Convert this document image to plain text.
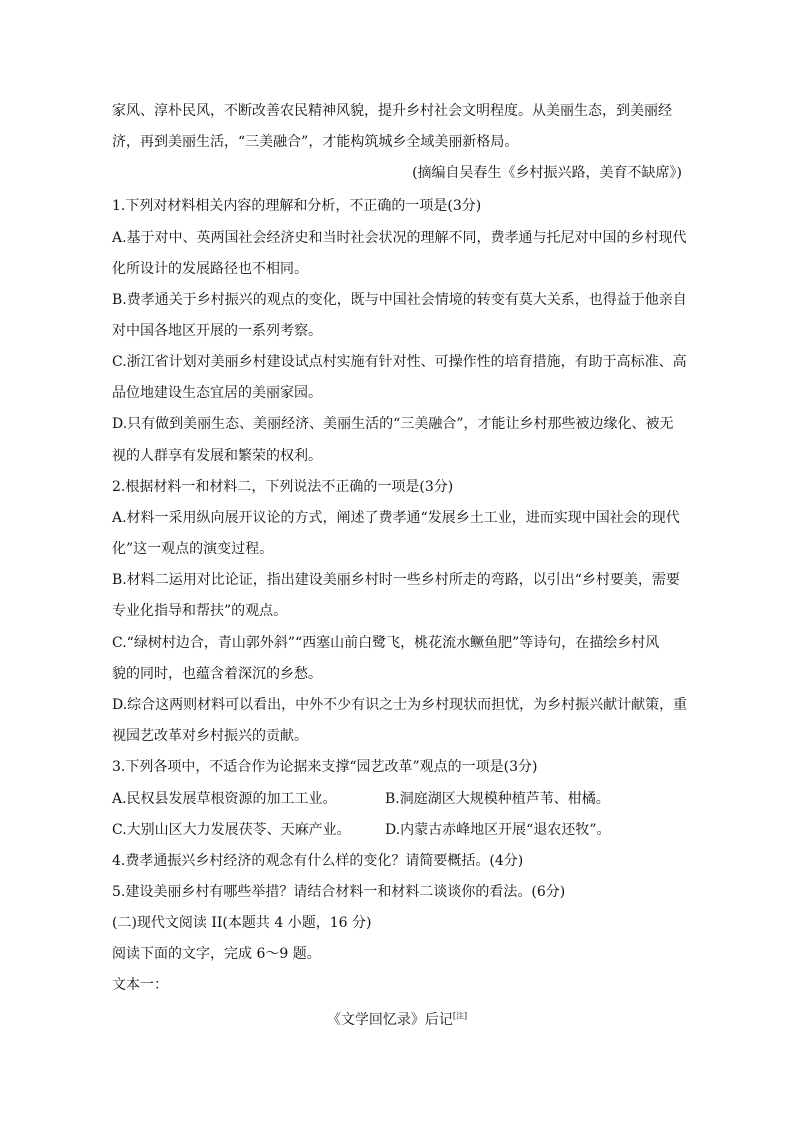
家风、淳朴民风，不断改善农民精神风貌，提升乡村社会文明程度。从美丽生态，到美丽经
济，再到美丽生活，“三美融合”，才能构筑城乡全域美丽新格局。
(摘编自吴春生《乡村振兴路，美育不缺席》)
1.下列对材料相关内容的理解和分析，不正确的一项是(3分)
A.基于对中、英两国社会经济史和当时社会状况的理解不同，费孝通与托尼对中国的乡村现代
化所设计的发展路径也不相同。
B.费孝通关于乡村振兴的观点的变化，既与中国社会情境的转变有莫大关系，也得益于他亲自
对中国各地区开展的一系列考察。
C.浙江省计划对美丽乡村建设试点村实施有针对性、可操作性的培育措施，有助于高标准、高
品位地建设生态宜居的美丽家园。
D.只有做到美丽生态、美丽经济、美丽生活的“三美融合”，才能让乡村那些被边缘化、被无
视的人群享有发展和繁荣的权利。
2.根据材料一和材料二，下列说法不正确的一项是(3分)
A.材料一采用纵向展开议论的方式，阐述了费孝通“发展乡土工业，进而实现中国社会的现代
化”这一观点的演变过程。
B.材料二运用对比论证，指出建设美丽乡村时一些乡村所走的弯路，以引出“乡村要美，需要
专业化指导和帮扶”的观点。
C.“绿树村边合，青山郭外斜”“西塞山前白鹭飞，桃花流水鳜鱼肥”等诗句，在描绘乡村风
貌的同时，也蕴含着深沉的乡愁。
D.综合这两则材料可以看出，中外不少有识之士为乡村现状而担忧，为乡村振兴献计献策，重
视园艺改革对乡村振兴的贡献。
3.下列各项中，不适合作为论据来支撑“园艺改革”观点的一项是(3分)
A.民权县发展草根资源的加工工业。	B.洞庭湖区大规模种植芦苇、柑橘。
C.大别山区大力发展茯苓、天麻产业。 D.内蒙古赤峰地区开展“退农还牧”。
4.费孝通振兴乡村经济的观念有什么样的变化？请简要概括。(4分)
5.建设美丽乡村有哪些举措？请结合材料一和材料二谈谈你的看法。(6分)
(二)现代文阅读 II(本题共 4 小题，16 分)
阅读下面的文字，完成 6～9 题。
文本一：
《文学回忆录》后记[注]
